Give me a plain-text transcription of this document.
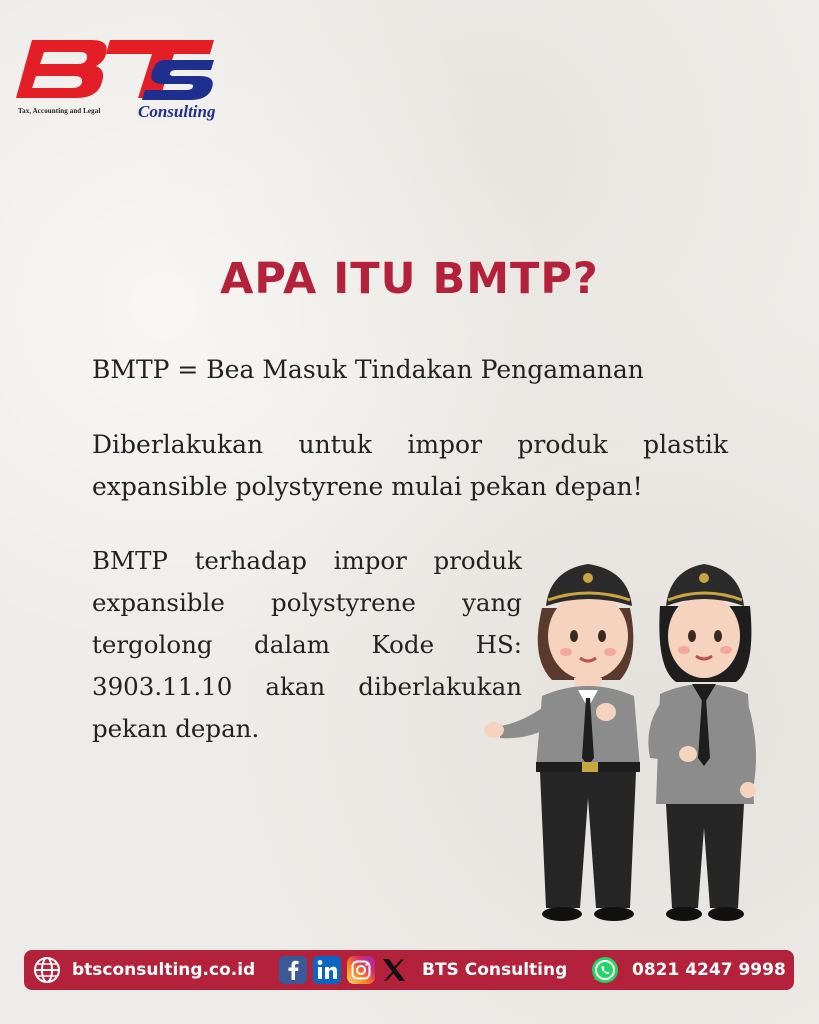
Tax, Accounting and Legal Consulting
APA ITU BMTP?

BMTP = Bea Masuk Tindakan Pengamanan

Diberlakukan untuk impor produk plastik expansible polystyrene mulai pekan depan!

BMTP terhadap impor produk expansible polystyrene yang tergolong dalam Kode HS: 3903.11.10 akan diberlakukan pekan depan.

btsconsulting.co.id	BTS Consulting	0821 4247 9998
